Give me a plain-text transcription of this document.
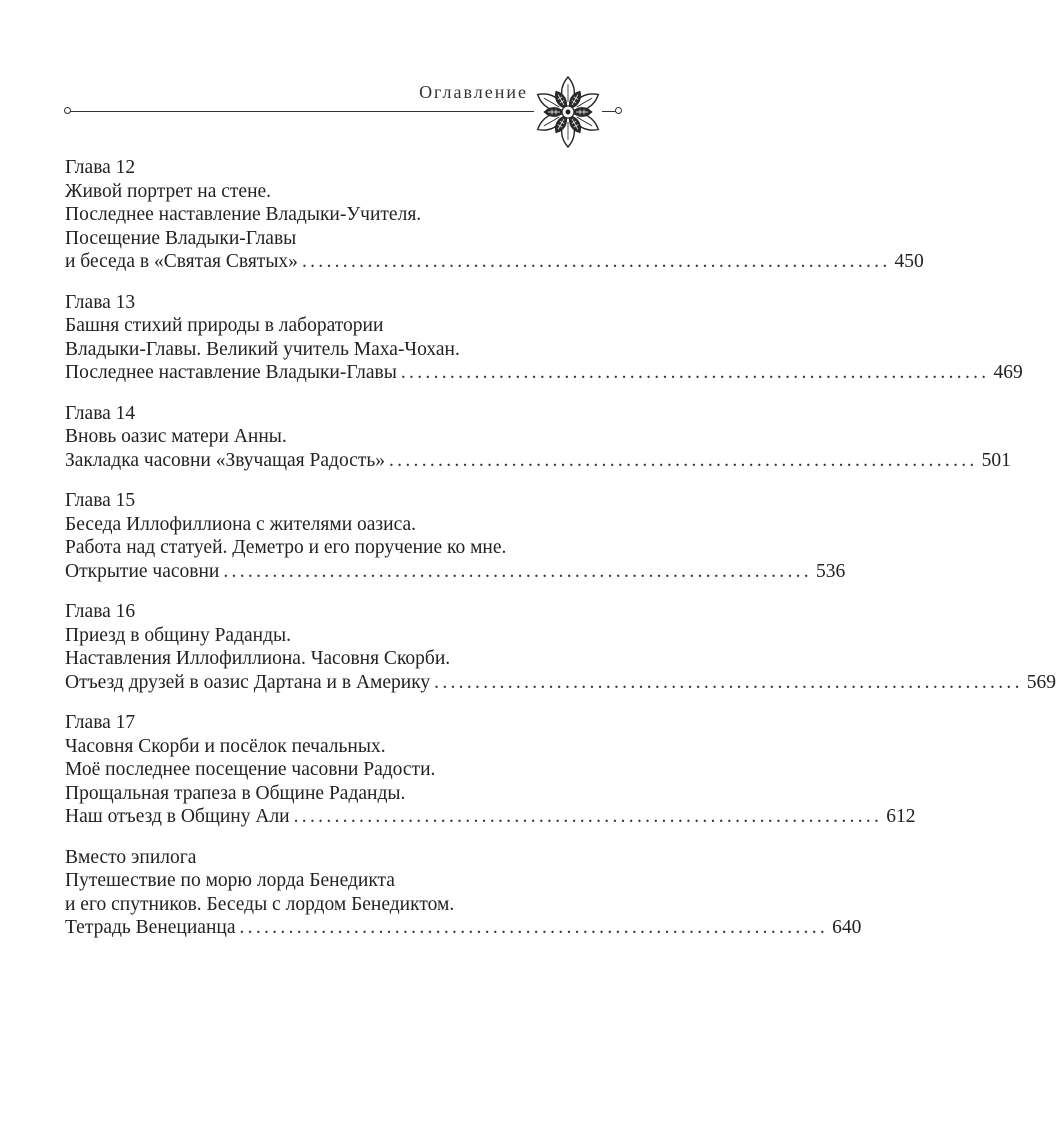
Оглавление
Глава 12
Живой портрет на стене.
Последнее наставление Владыки-Учителя.
Посещение Владыки-Главы
и беседа в «Святая Святых» ........................................................................ 450
Глава 13
Башня стихий природы в лаборатории
Владыки-Главы. Великий учитель Маха-Чохан.
Последнее наставление Владыки-Главы ........................................................................ 469
Глава 14
Вновь оазис матери Анны.
Закладка часовни «Звучащая Радость» ........................................................................ 501
Глава 15
Беседа Иллофиллиона с жителями оазиса.
Работа над статуей. Деметро и его поручение ко мне.
Открытие часовни ........................................................................ 536
Глава 16
Приезд в общину Раданды.
Наставления Иллофиллиона. Часовня Скорби.
Отъезд друзей в оазис Дартана и в Америку ........................................................................ 569
Глава 17
Часовня Скорби и посёлок печальных.
Моё последнее посещение часовни Радости.
Прощальная трапеза в Общине Раданды.
Наш отъезд в Общину Али ........................................................................ 612
Вместо эпилога
Путешествие по морю лорда Бенедикта
и его спутников. Беседы с лордом Бенедиктом.
Тетрадь Венецианца ........................................................................ 640
